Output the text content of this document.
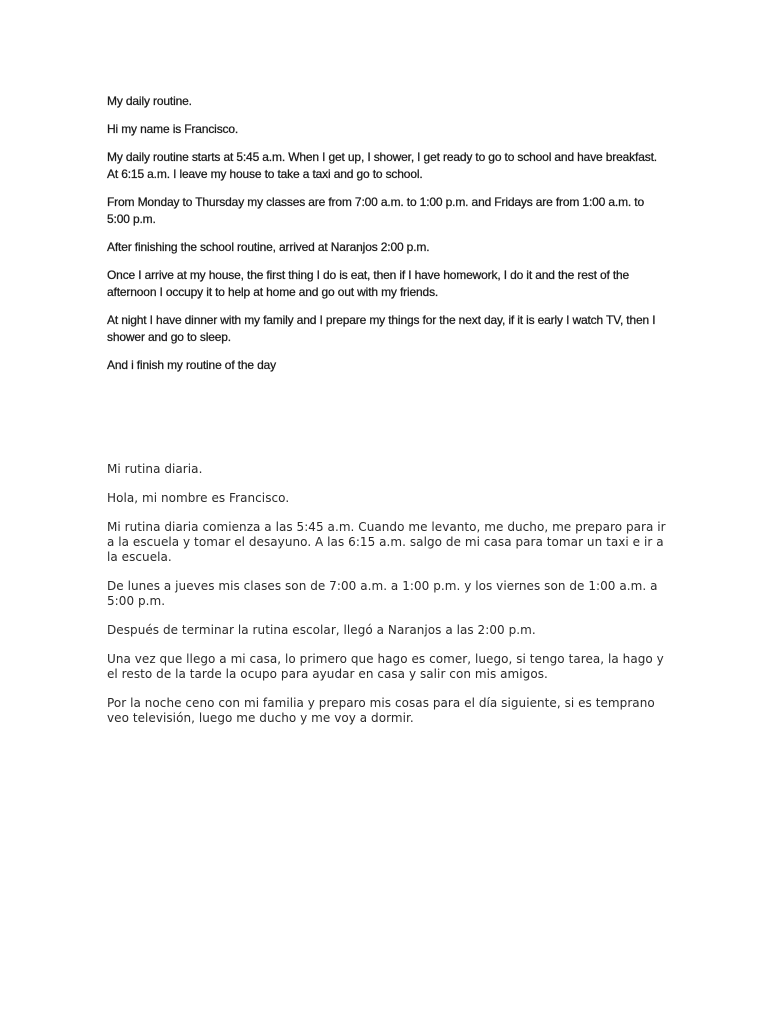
My daily routine.

Hi my name is Francisco.

My daily routine starts at 5:45 a.m. When I get up, I shower, I get ready to go to school and have breakfast. At 6:15 a.m. I leave my house to take a taxi and go to school.

From Monday to Thursday my classes are from 7:00 a.m. to 1:00 p.m. and Fridays are from 1:00 a.m. to 5:00 p.m.

After finishing the school routine, arrived at Naranjos 2:00 p.m.

Once I arrive at my house, the first thing I do is eat, then if I have homework, I do it and the rest of the afternoon I occupy it to help at home and go out with my friends.

At night I have dinner with my family and I prepare my things for the next day, if it is early I watch TV, then I shower and go to sleep.

And i finish my routine of the day

Mi rutina diaria.

Hola, mi nombre es Francisco.

Mi rutina diaria comienza a las 5:45 a.m. Cuando me levanto, me ducho, me preparo para ir a la escuela y tomar el desayuno. A las 6:15 a.m. salgo de mi casa para tomar un taxi e ir a la escuela.

De lunes a jueves mis clases son de 7:00 a.m. a 1:00 p.m. y los viernes son de 1:00 a.m. a 5:00 p.m.

Después de terminar la rutina escolar, llegó a Naranjos a las 2:00 p.m.

Una vez que llego a mi casa, lo primero que hago es comer, luego, si tengo tarea, la hago y el resto de la tarde la ocupo para ayudar en casa y salir con mis amigos.

Por la noche ceno con mi familia y preparo mis cosas para el día siguiente, si es temprano veo televisión, luego me ducho y me voy a dormir.
